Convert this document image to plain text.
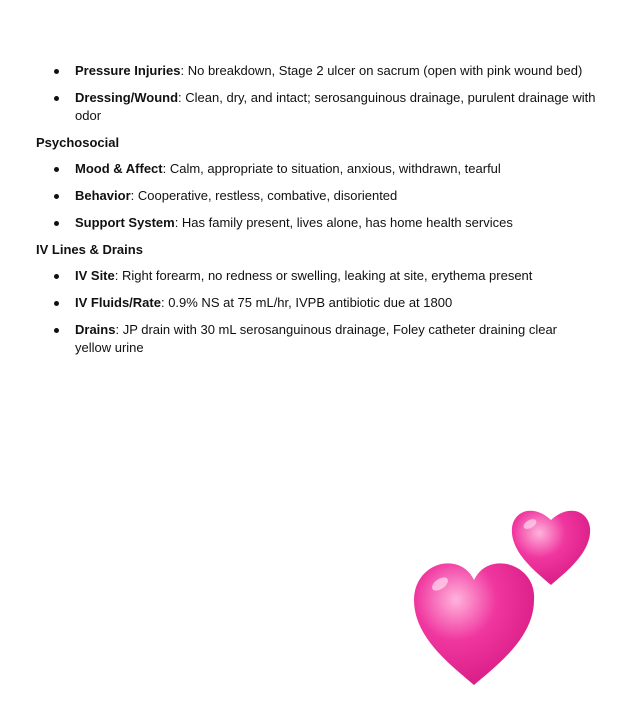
Pressure Injuries: No breakdown, Stage 2 ulcer on sacrum (open with pink wound bed)
Dressing/Wound: Clean, dry, and intact; serosanguinous drainage, purulent drainage with odor
Psychosocial
Mood & Affect: Calm, appropriate to situation, anxious, withdrawn, tearful
Behavior: Cooperative, restless, combative, disoriented
Support System: Has family present, lives alone, has home health services
IV Lines & Drains
IV Site: Right forearm, no redness or swelling, leaking at site, erythema present
IV Fluids/Rate: 0.9% NS at 75 mL/hr, IVPB antibiotic due at 1800
Drains: JP drain with 30 mL serosanguinous drainage, Foley catheter draining clear yellow urine
